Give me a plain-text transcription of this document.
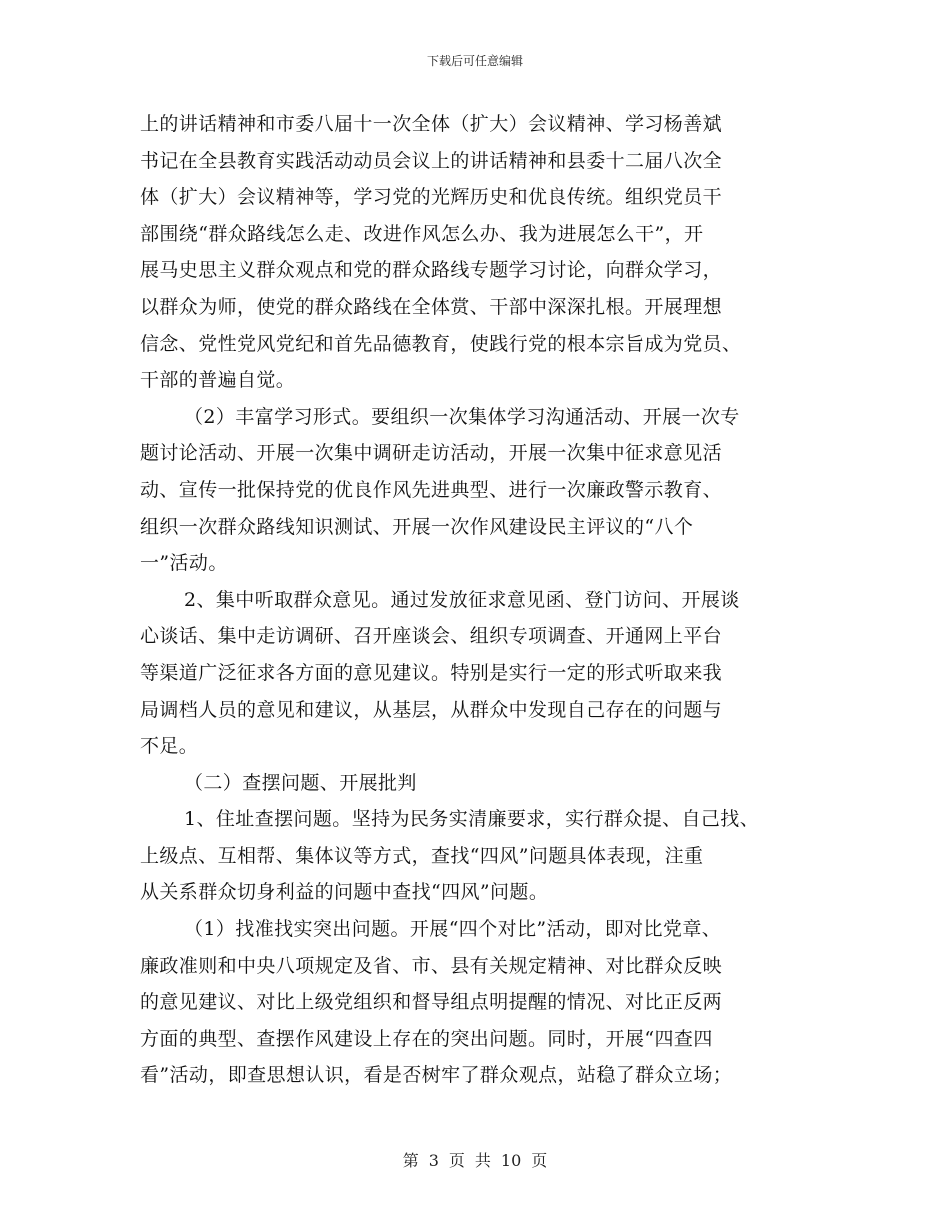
下载后可任意编辑
上的讲话精神和市委八届十一次全体（扩大）会议精神、学习杨善斌
书记在全县教育实践活动动员会议上的讲话精神和县委十二届八次全
体（扩大）会议精神等，学习党的光辉历史和优良传统。组织党员干
部围绕“群众路线怎么走、改进作风怎么办、我为进展怎么干”，开
展马史思主义群众观点和党的群众路线专题学习讨论，向群众学习，
以群众为师，使党的群众路线在全体赏、干部中深深扎根。开展理想
信念、党性党风党纪和首先品德教育，使践行党的根本宗旨成为党员、
干部的普遍自觉。
（2）丰富学习形式。要组织一次集体学习沟通活动、开展一次专
题讨论活动、开展一次集中调研走访活动，开展一次集中征求意见活
动、宣传一批保持党的优良作风先进典型、进行一次廉政警示教育、
组织一次群众路线知识测试、开展一次作风建设民主评议的“八个
一”活动。
2、集中听取群众意见。通过发放征求意见函、登门访问、开展谈
心谈话、集中走访调研、召开座谈会、组织专项调查、开通网上平台
等渠道广泛征求各方面的意见建议。特别是实行一定的形式听取来我
局调档人员的意见和建议，从基层，从群众中发现自己存在的问题与
不足。
（二）查摆问题、开展批判
1、住址查摆问题。坚持为民务实清廉要求，实行群众提、自己找、
上级点、互相帮、集体议等方式，查找“四风”问题具体表现，注重
从关系群众切身利益的问题中查找“四风”问题。
（1）找准找实突出问题。开展“四个对比”活动，即对比党章、
廉政准则和中央八项规定及省、市、县有关规定精神、对比群众反映
的意见建议、对比上级党组织和督导组点明提醒的情况、对比正反两
方面的典型、查摆作风建设上存在的突出问题。同时，开展“四查四
看”活动，即查思想认识，看是否树牢了群众观点，站稳了群众立场；
第 3 页 共 10 页
